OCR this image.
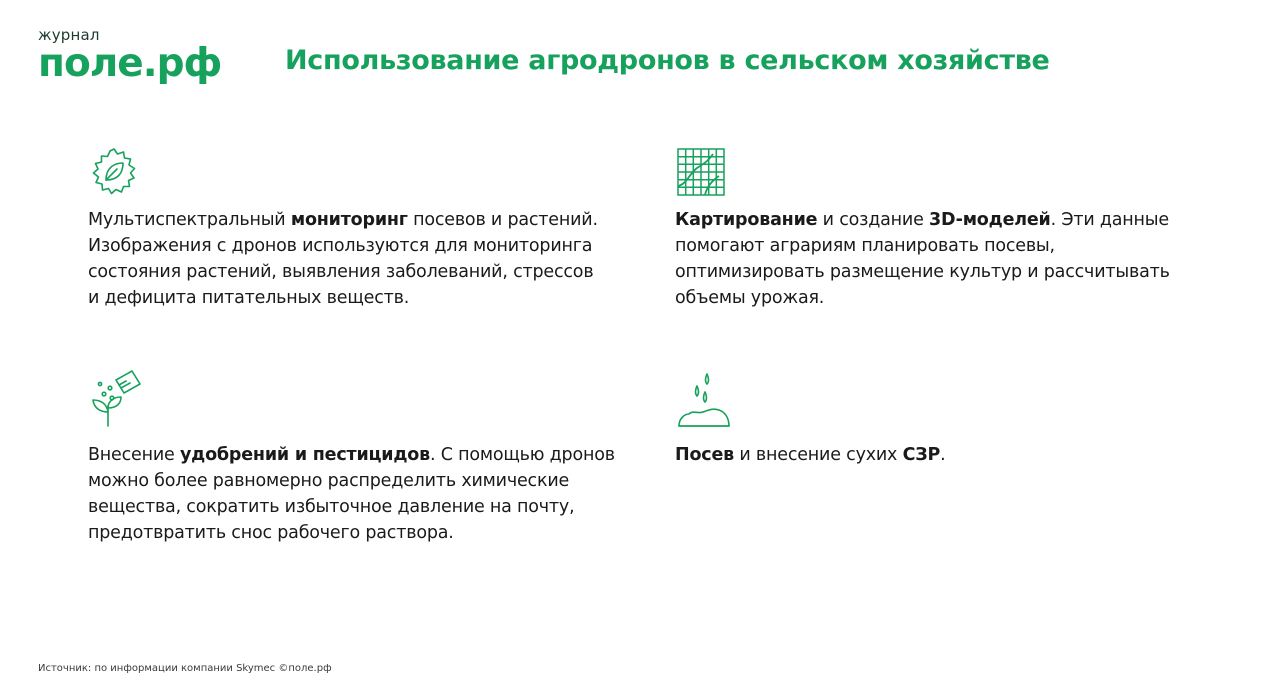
журнал
поле.рф Использование агродронов в сельском хозяйстве
Мультиспектральный мониторинг посевов и растений. Изображения с дронов используются для мониторинга состояния растений, выявления заболеваний, стрессов и дефицита питательных веществ.
Картирование и создание 3D-моделей. Эти данные помогают аграриям планировать посевы, оптимизировать размещение культур и рассчитывать объемы урожая.
Внесение удобрений и пестицидов. С помощью дронов можно более равномерно распределить химические вещества, сократить избыточное давление на почту, предотвратить снос рабочего раствора.
Посев и внесение сухих СЗР.
Источник: по информации компании Skymec ©поле.рф
